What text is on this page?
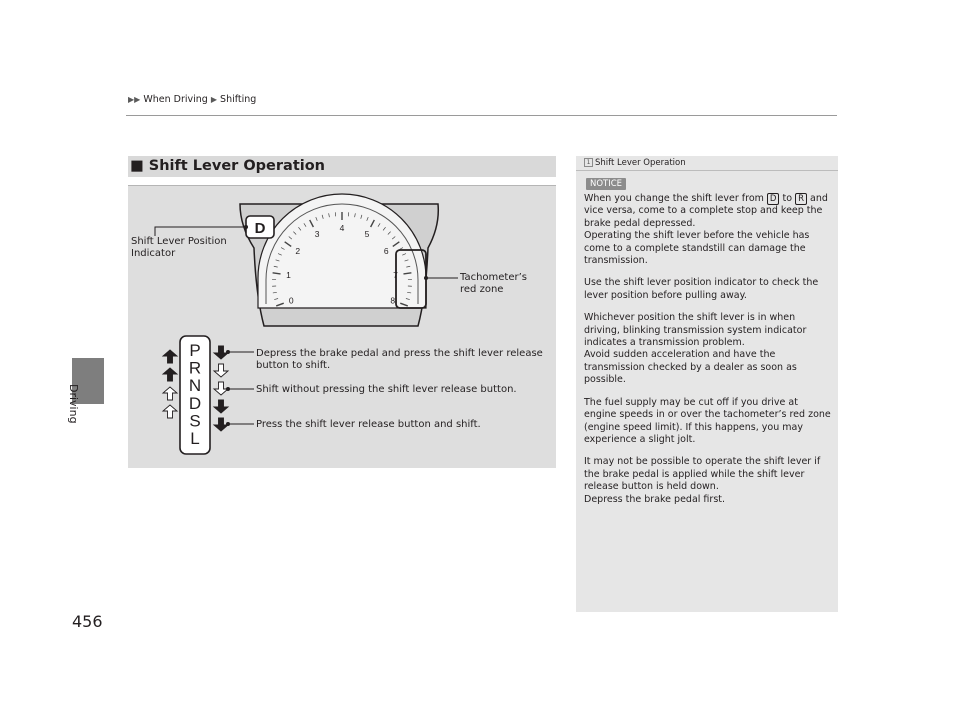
▶▶ When Driving ▶ Shifting
Driving
456
■ Shift Lever Operation
0
1
2
3
4
5
6
7
8
D
P
R
N
D
S
L
Shift Lever Position
Indicator
Tachometer’s
red zone
Depress the brake pedal and press the shift lever release
button to shift.
Shift without pressing the shift lever release button.
Press the shift lever release button and shift.
1 Shift Lever Operation
NOTICE

When you change the shift lever from D to R and vice versa, come to a complete stop and keep the brake pedal depressed.
Operating the shift lever before the vehicle has come to a complete standstill can damage the transmission.

Use the shift lever position indicator to check the lever position before pulling away.

Whichever position the shift lever is in when driving, blinking transmission system indicator indicates a transmission problem.
Avoid sudden acceleration and have the transmission checked by a dealer as soon as possible.

The fuel supply may be cut off if you drive at engine speeds in or over the tachometer’s red zone (engine speed limit). If this happens, you may experience a slight jolt.

It may not be possible to operate the shift lever if the brake pedal is applied while the shift lever release button is held down.
Depress the brake pedal first.
